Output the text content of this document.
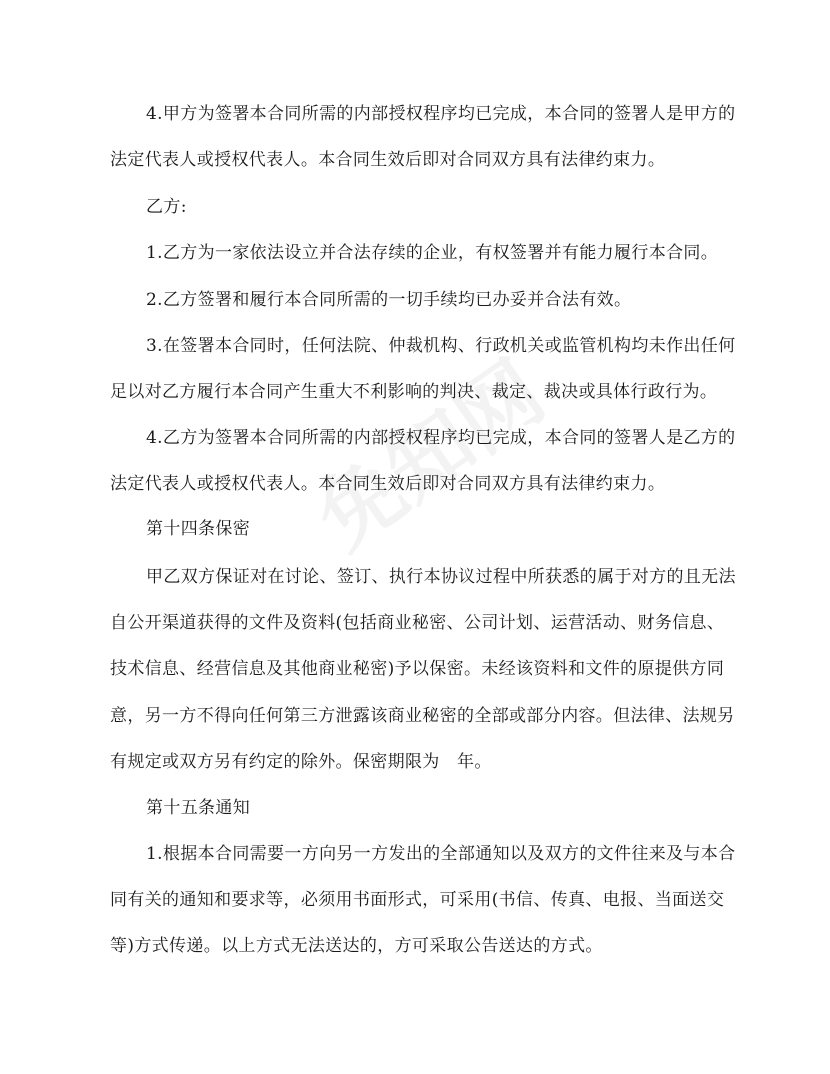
4.甲方为签署本合同所需的内部授权程序均已完成，本合同的签署人是甲方的
法定代表人或授权代表人。本合同生效后即对合同双方具有法律约束力。
乙方:
1.乙方为一家依法设立并合法存续的企业，有权签署并有能力履行本合同。
2.乙方签署和履行本合同所需的一切手续均已办妥并合法有效。
3.在签署本合同时，任何法院、仲裁机构、行政机关或监管机构均未作出任何
足以对乙方履行本合同产生重大不利影响的判决、裁定、裁决或具体行政行为。
4.乙方为签署本合同所需的内部授权程序均已完成，本合同的签署人是乙方的
法定代表人或授权代表人。本合同生效后即对合同双方具有法律约束力。
第十四条保密
甲乙双方保证对在讨论、签订、执行本协议过程中所获悉的属于对方的且无法
自公开渠道获得的文件及资料(包括商业秘密、公司计划、运营活动、财务信息、
技术信息、经营信息及其他商业秘密)予以保密。未经该资料和文件的原提供方同
意，另一方不得向任何第三方泄露该商业秘密的全部或部分内容。但法律、法规另
有规定或双方另有约定的除外。保密期限为　年。
第十五条通知
1.根据本合同需要一方向另一方发出的全部通知以及双方的文件往来及与本合
同有关的通知和要求等，必须用书面形式，可采用(书信、传真、电报、当面送交
等)方式传递。以上方式无法送达的，方可采取公告送达的方式。
